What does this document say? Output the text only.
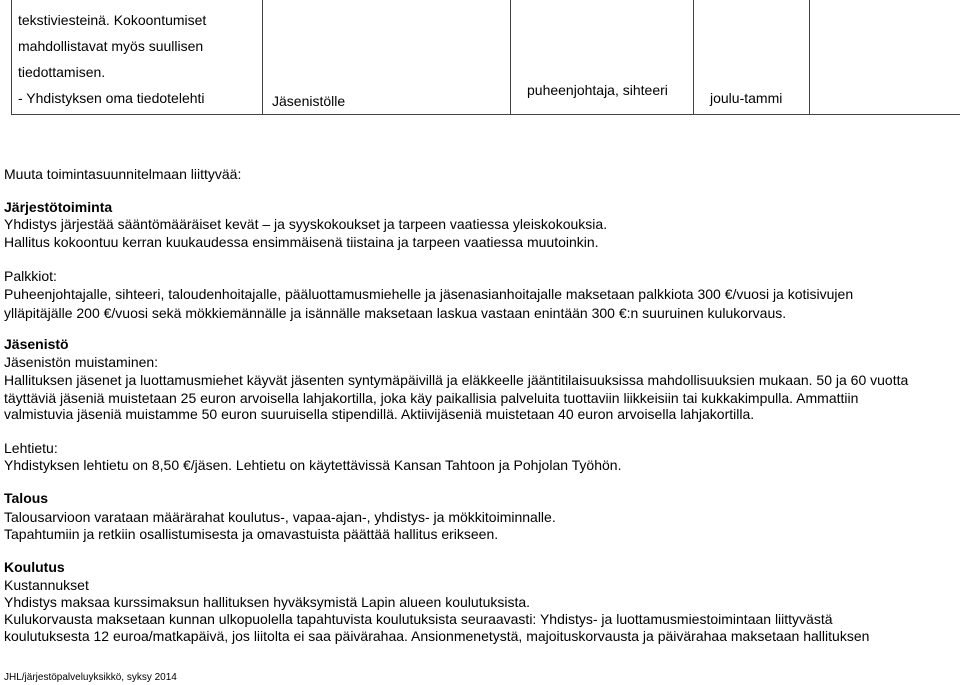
tekstiviesteinä. Kokoontumiset
mahdollistavat myös suullisen
tiedottamisen.
- Yhdistyksen oma tiedotelehti	Jäsenistölle
puheenjohtaja, sihteeri	joulu-tammi
Muuta toimintasuunnitelmaan liittyvää:
Järjestötoiminta
Yhdistys järjestää sääntömääräiset kevät – ja syyskokoukset ja tarpeen vaatiessa yleiskokouksia.
Hallitus kokoontuu kerran kuukaudessa ensimmäisenä tiistaina ja tarpeen vaatiessa muutoinkin.
Palkkiot:
Puheenjohtajalle, sihteeri, taloudenhoitajalle, pääluottamusmiehelle ja jäsenasianhoitajalle maksetaan palkkiota 300 €/vuosi ja kotisivujen
ylläpitäjälle 200 €/vuosi sekä mökkiemännälle ja isännälle maksetaan laskua vastaan enintään 300 €:n suuruinen kulukorvaus.
Jäsenistö
Jäsenistön muistaminen:
Hallituksen jäsenet ja luottamusmiehet käyvät jäsenten syntymäpäivillä ja eläkkeelle jääntitilaisuuksissa mahdollisuuksien mukaan. 50 ja 60 vuotta
täyttäviä jäseniä muistetaan 25 euron arvoisella lahjakortilla, joka käy paikallisia palveluita tuottaviin liikkeisiin tai kukkakimpulla. Ammattiin
valmistuvia jäseniä muistamme 50 euron suuruisella stipendillä. Aktiivijäseniä muistetaan 40 euron arvoisella lahjakortilla.
Lehtietu:
Yhdistyksen lehtietu on 8,50 €/jäsen. Lehtietu on käytettävissä Kansan Tahtoon ja Pohjolan Työhön.
Talous
Talousarvioon varataan määrärahat koulutus-, vapaa-ajan-, yhdistys- ja mökkitoiminnalle.
Tapahtumiin ja retkiin osallistumisesta ja omavastuista päättää hallitus erikseen.
Koulutus
Kustannukset
Yhdistys maksaa kurssimaksun hallituksen hyväksymistä Lapin alueen koulutuksista.
Kulukorvausta maksetaan kunnan ulkopuolella tapahtuvista koulutuksista seuraavasti: Yhdistys- ja luottamusmiestoimintaan liittyvästä
koulutuksesta 12 euroa/matkapäivä, jos liitolta ei saa päivärahaa. Ansionmenetystä, majoituskorvausta ja päivärahaa maksetaan hallituksen
JHL/järjestöpalveluyksikkö, syksy 2014
